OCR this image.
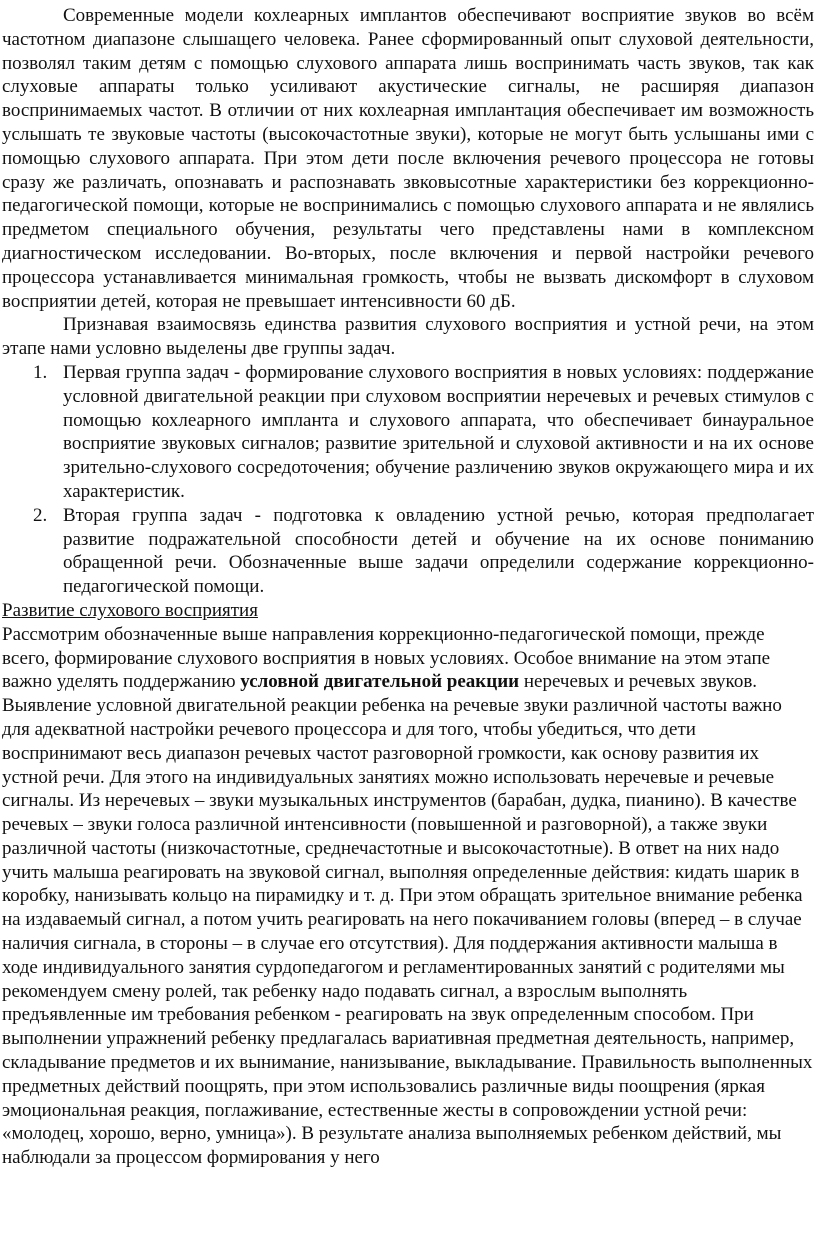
Современные модели кохлеарных имплантов обеспечивают восприятие звуков во всём частотном диапазоне слышащего человека. Ранее сформированный опыт слуховой деятельности, позволял таким детям с помощью слухового аппарата лишь воспринимать часть звуков, так как слуховые аппараты только усиливают акустические сигналы, не расширяя диапазон воспринимаемых частот. В отличии от них кохлеарная имплантация обеспечивает им возможность услышать те звуковые частоты (высокочастотные звуки), которые не могут быть услышаны ими с помощью слухового аппарата. При этом дети после включения речевого процессора не готовы сразу же различать, опознавать и распознавать звковысотные характеристики без коррекционно-педагогической помощи, которые не воспринимались с помощью слухового аппарата и не являлись предметом специального обучения, результаты чего представлены нами в комплексном диагностическом исследовании. Во-вторых, после включения и первой настройки речевого процессора устанавливается минимальная громкость, чтобы не вызвать дискомфорт в слуховом восприятии детей, которая не превышает интенсивности 60 дБ.

Признавая взаимосвязь единства развития слухового восприятия и устной речи, на этом этапе нами условно выделены две группы задач.

1. Первая группа задач - формирование слухового восприятия в новых условиях: поддержание условной двигательной реакции при слуховом восприятии неречевых и речевых стимулов с помощью кохлеарного импланта и слухового аппарата, что обеспечивает бинауральное восприятие звуковых сигналов; развитие зрительной и слуховой активности и на их основе зрительно-слухового сосредоточения; обучение различению звуков окружающего мира и их характеристик.
2. Вторая группа задач - подготовка к овладению устной речью, которая предполагает развитие подражательной способности детей и обучение на их основе пониманию обращенной речи. Обозначенные выше задачи определили содержание коррекционно-педагогической помощи.

Развитие слухового восприятия

Рассмотрим обозначенные выше направления коррекционно-педагогической помощи, прежде всего, формирование слухового восприятия в новых условиях. Особое внимание на этом этапе важно уделять поддержанию условной двигательной реакции неречевых и речевых звуков. Выявление условной двигательной реакции ребенка на речевые звуки различной частоты важно для адекватной настройки речевого процессора и для того, чтобы убедиться, что дети воспринимают весь диапазон речевых частот разговорной громкости, как основу развития их устной речи. Для этого на индивидуальных занятиях можно использовать неречевые и речевые сигналы. Из неречевых – звуки музыкальных инструментов (барабан, дудка, пианино). В качестве речевых – звуки голоса различной интенсивности (повышенной и разговорной), а также звуки различной частоты (низкочастотные, среднечастотные и высокочастотные). В ответ на них надо учить малыша реагировать на звуковой сигнал, выполняя определенные действия: кидать шарик в коробку, нанизывать кольцо на пирамидку и т. д. При этом обращать зрительное внимание ребенка на издаваемый сигнал, а потом учить реагировать на него покачиванием головы (вперед – в случае наличия сигнала, в стороны – в случае его отсутствия). Для поддержания активности малыша в ходе индивидуального занятия сурдопедагогом и регламентированных занятий с родителями мы рекомендуем смену ролей, так ребенку надо подавать сигнал, а взрослым выполнять предъявленные им требования ребенком - реагировать на звук определенным способом. При выполнении упражнений ребенку предлагалась вариативная предметная деятельность, например, складывание предметов и их вынимание, нанизывание, выкладывание. Правильность выполненных предметных действий поощрять, при этом использовались различные виды поощрения (яркая эмоциональная реакция, поглаживание, естественные жесты в сопровождении устной речи: «молодец, хорошо, верно, умница»). В результате анализа выполняемых ребенком действий, мы наблюдали за процессом формирования у него
